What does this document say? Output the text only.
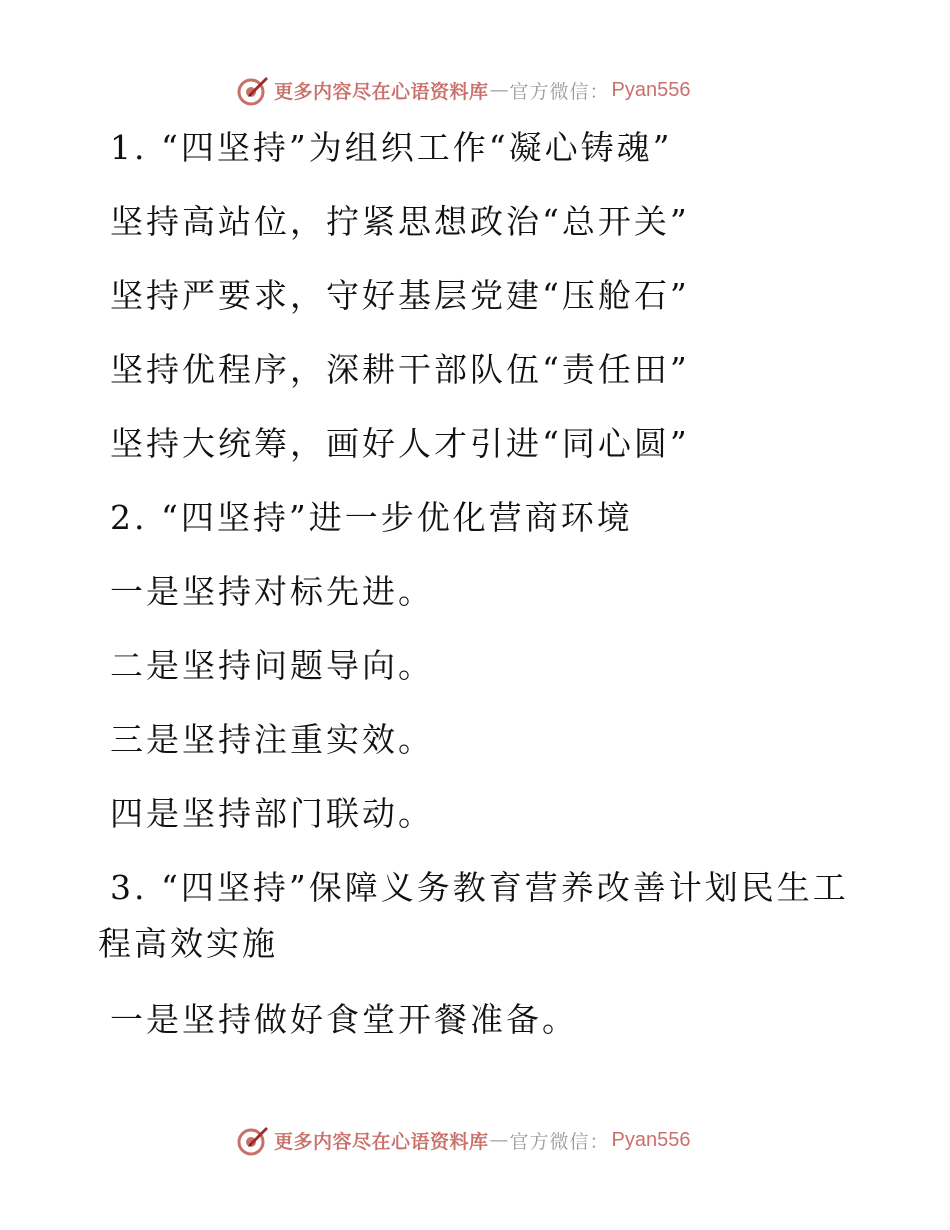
更多内容尽在心语资料库 — 官方微信： Pyan556
1. “四坚持”为组织工作“凝心铸魂”
坚持高站位，拧紧思想政治“总开关”
坚持严要求，守好基层党建“压舱石”
坚持优程序，深耕干部队伍“责任田”
坚持大统筹，画好人才引进“同心圆”
2. “四坚持”进一步优化营商环境
一是坚持对标先进。
二是坚持问题导向。
三是坚持注重实效。
四是坚持部门联动。
3. “四坚持”保障义务教育营养改善计划民生工
程高效实施
一是坚持做好食堂开餐准备。
更多内容尽在心语资料库 — 官方微信： Pyan556
